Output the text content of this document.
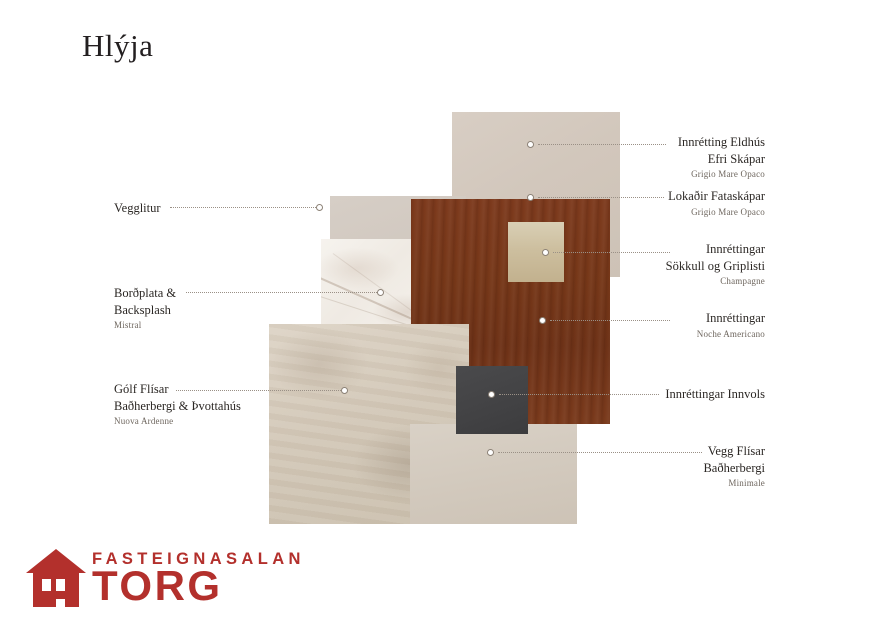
Hlýja
Innrétting Eldhús
Efri Skápar
Grigio Mare Opaco
Lokaðir Fataskápar
Grigio Mare Opaco
Innréttingar
Sökkull og Griplisti
Champagne
Innréttingar
Noche Americano
Innréttingar Innvols
Vegg Flísar
Baðherbergi
Minimale
Vegglitur
Borðplata &
Backsplash
Mistral
Gólf Flísar
Baðherbergi & Þvottahús
Nuova Ardenne
FASTEIGNASALAN
TORG
